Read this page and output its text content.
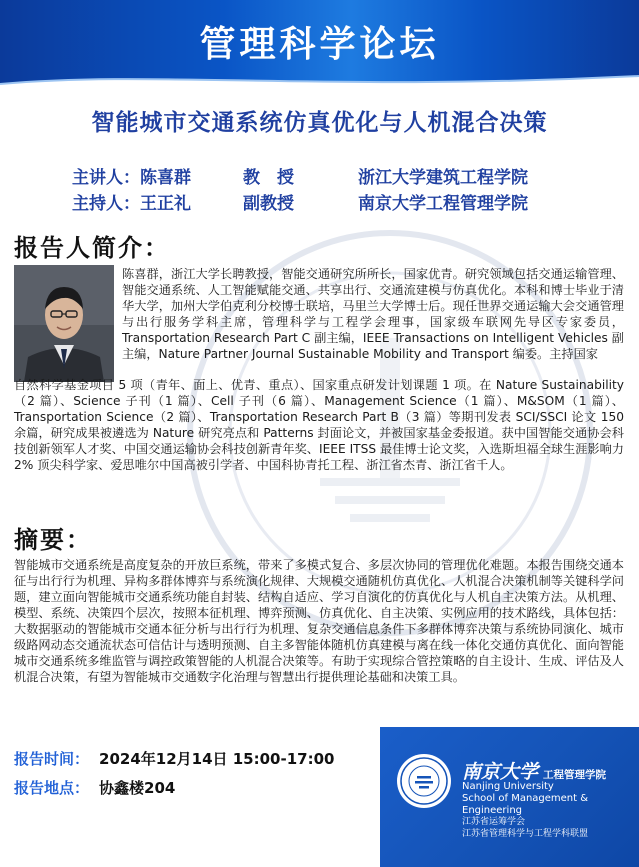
管理科学论坛
智能城市交通系统仿真优化与人机混合决策
主讲人：陈喜群	教　授	浙江大学建筑工程学院
主持人：王正礼	副教授	南京大学工程管理学院
报告人简介：
陈喜群，浙江大学长聘教授，智能交通研究所所长，国家优青。研究领域包括交通运输管理、智能交通系统、人工智能赋能交通、共享出行、交通流建模与仿真优化。本科和博士毕业于清华大学，加州大学伯克利分校博士联培，马里兰大学博士后。现任世界交通运输大会交通管理与出行服务学科主席，管理科学与工程学会理事，国家级车联网先导区专家委员，Transportation Research Part C 副主编，IEEE Transactions on Intelligent Vehicles 副主编，Nature Partner Journal Sustainable Mobility and Transport 编委。主持国家
自然科学基金项目 5 项（青年、面上、优青、重点）、国家重点研发计划课题 1 项。在 Nature Sustainability（2 篇）、Science 子刊（1 篇）、Cell 子刊（6 篇）、Management Science（1 篇）、M&SOM（1 篇）、Transportation Science（2 篇）、Transportation Research Part B（3 篇）等期刊发表 SCI/SSCI 论文 150 余篇，研究成果被遴选为 Nature 研究亮点和 Patterns 封面论文，并被国家基金委报道。获中国智能交通协会科技创新领军人才奖、中国交通运输协会科技创新青年奖、IEEE ITSS 最佳博士论文奖，入选斯坦福全球生涯影响力 2% 顶尖科学家、爱思唯尔中国高被引学者、中国科协青托工程、浙江省杰青、浙江省千人。
摘要：
智能城市交通系统是高度复杂的开放巨系统，带来了多模式复合、多层次协同的管理优化难题。本报告围绕交通本征与出行行为机理、异构多群体博弈与系统演化规律、大规模交通随机仿真优化、人机混合决策机制等关键科学问题，建立面向智能城市交通系统功能自封装、结构自适应、学习自演化的仿真优化与人机自主决策方法。从机理、模型、系统、决策四个层次，按照本征机理、博弈预测、仿真优化、自主决策、实例应用的技术路线，具体包括：大数据驱动的智能城市交通本征分析与出行行为机理、复杂交通信息条件下多群体博弈决策与系统协同演化、城市级路网动态交通流状态可信估计与透明预测、自主多智能体随机仿真建模与离在线一体化交通仿真优化、面向智能城市交通系统多维监管与调控政策智能的人机混合决策等。有助于实现综合管控策略的自主设计、生成、评估及人机混合决策，有望为智能城市交通数字化治理与智慧出行提供理论基础和决策工具。
报告时间： 2024年12月14日 15:00-17:00
报告地点： 协鑫楼204
南京大学 工程管理学院
Nanjing University
School of Management & Engineering
江苏省运筹学会
江苏省管理科学与工程学科联盟
